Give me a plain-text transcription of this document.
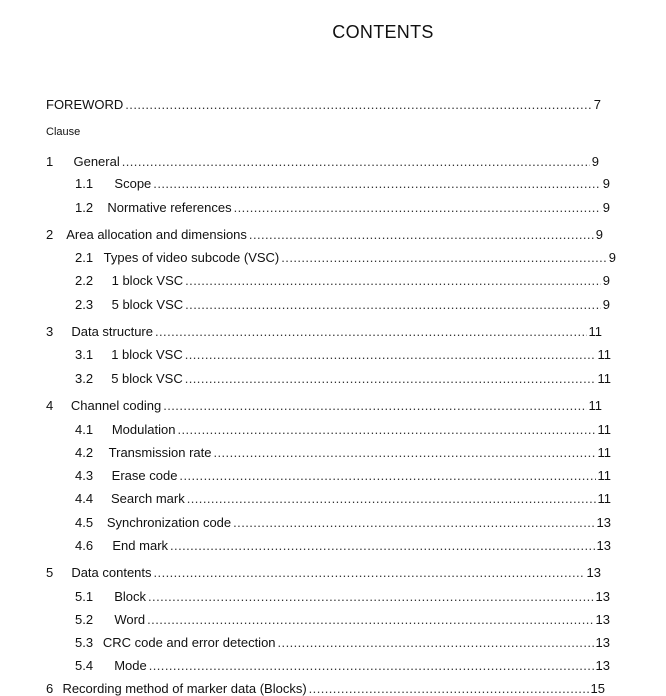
CONTENTS
FOREWORD . . .	7
Clause
1	General . . .	9
1.1	Scope . . .	9
1.2	Normative references . . .	9
2	Area allocation and dimensions . . .	9
2.1 Types of video subcode (VSC) . . .	9
2.2	1 block VSC . . .	9
2.3	5 block VSC . . .	9
3	Data structure . . .	11
3.1	1 block VSC . . .	11
3.2	5 block VSC . . .	11
4	Channel coding . . .	11
4.1	Modulation . . .	11
4.2	Transmission rate . . .	11
4.3	Erase code . . .	11
4.4	Search mark . . .	11
4.5	Synchronization code . . .	13
4.6	End mark . . .	13
5	Data contents . . .	13
5.1	Block . . .	13
5.2	Word . . .	13
5.3 CRC code and error detection . . .	13
5.4	Mode . . .	13
6 Recording method of marker data (Blocks) . . .	15
